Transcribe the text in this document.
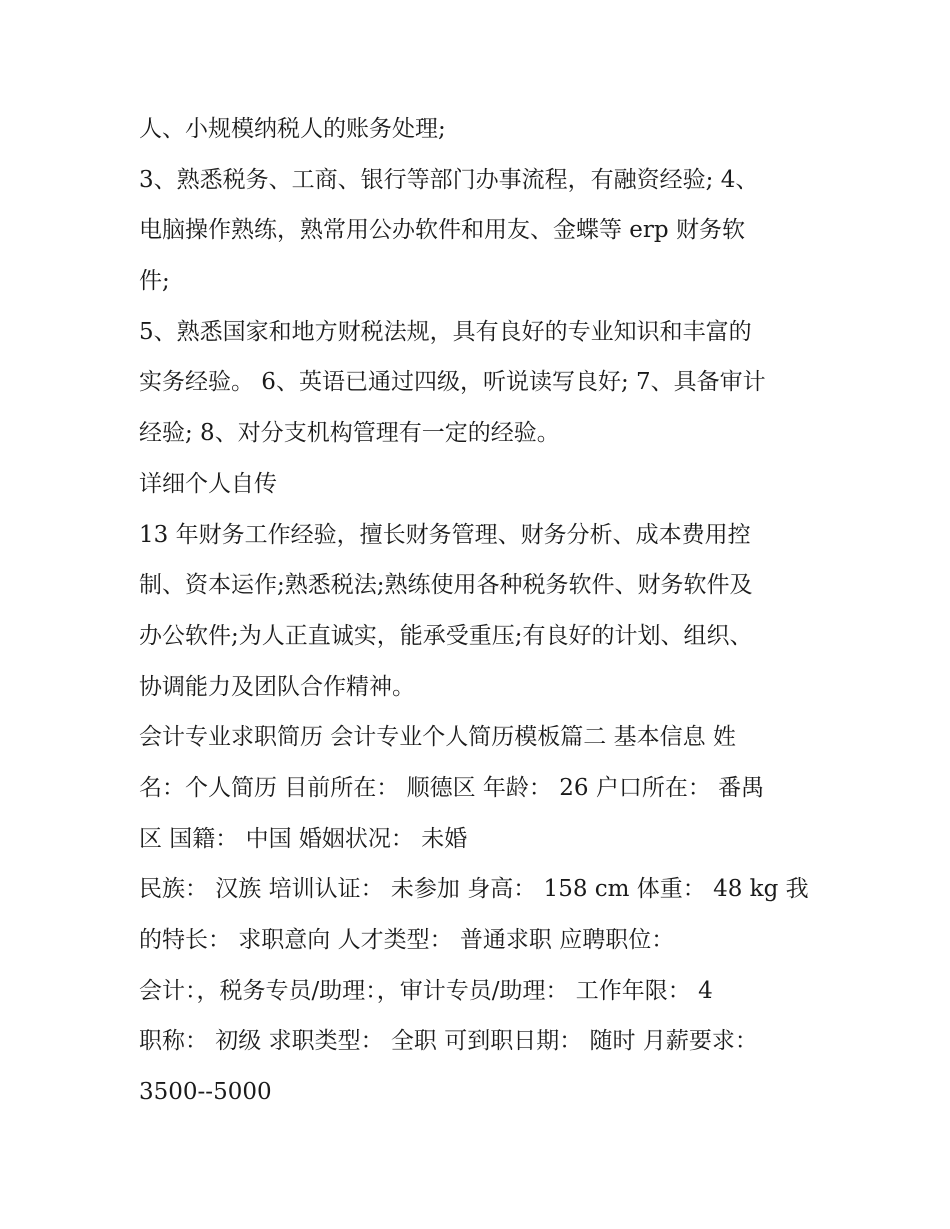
人、小规模纳税人的账务处理;
3、熟悉税务、工商、银行等部门办事流程，有融资经验; 4、
电脑操作熟练，熟常用公办软件和用友、金蝶等 erp 财务软
件;
5、熟悉国家和地方财税法规，具有良好的专业知识和丰富的
实务经验。 6、英语已通过四级，听说读写良好; 7、具备审计
经验; 8、对分支机构管理有一定的经验。
详细个人自传
13 年财务工作经验，擅长财务管理、财务分析、成本费用控
制、资本运作;熟悉税法;熟练使用各种税务软件、财务软件及
办公软件;为人正直诚实，能承受重压;有良好的计划、组织、
协调能力及团队合作精神。
会计专业求职简历 会计专业个人简历模板篇二 基本信息 姓
名：个人简历 目前所在： 顺德区 年龄： 26 户口所在： 番禺
区 国籍： 中国 婚姻状况： 未婚
民族： 汉族 培训认证： 未参加 身高： 158 cm 体重： 48 kg 我
的特长： 求职意向 人才类型： 普通求职 应聘职位：
会计：，税务专员/助理：，审计专员/助理： 工作年限： 4
职称： 初级 求职类型： 全职 可到职日期： 随时 月薪要求：
3500--5000
